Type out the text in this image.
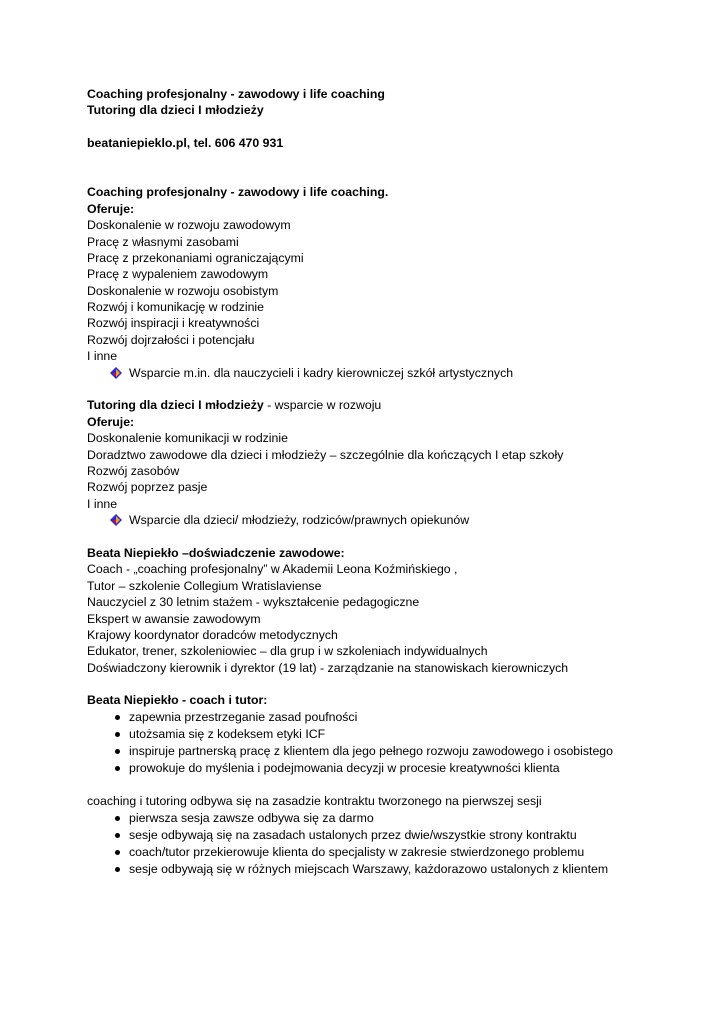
Coaching profesjonalny - zawodowy i life coaching
Tutoring dla dzieci I młodzieży
beataniepieklo.pl, tel. 606 470 931
Coaching profesjonalny - zawodowy i life coaching.
Oferuje:
Doskonalenie w rozwoju zawodowym
Pracę z własnymi zasobami
Pracę z przekonaniami ograniczającymi
Pracę z wypaleniem zawodowym
Doskonalenie w rozwoju osobistym
Rozwój i komunikację w rodzinie
Rozwój inspiracji i kreatywności
Rozwój dojrzałości i potencjału
I inne
Wsparcie m.in. dla nauczycieli i kadry kierowniczej szkół artystycznych
Tutoring dla dzieci I młodzieży - wsparcie w rozwoju
Oferuje:
Doskonalenie komunikacji w rodzinie
Doradztwo zawodowe dla dzieci i młodzieży – szczególnie dla kończących I etap szkoły
Rozwój zasobów
Rozwój poprzez pasje
I inne
Wsparcie dla dzieci/ młodzieży, rodziców/prawnych opiekunów
Beata Niepiekło –doświadczenie zawodowe:
Coach - „coaching profesjonalny” w Akademii Leona Koźmińskiego ,
Tutor – szkolenie Collegium Wratislaviense
Nauczyciel z 30 letnim stażem - wykształcenie pedagogiczne
Ekspert w awansie zawodowym
Krajowy koordynator doradców metodycznych
Edukator, trener, szkoleniowiec – dla grup i w szkoleniach indywidualnych
Doświadczony kierownik i dyrektor (19 lat) - zarządzanie na stanowiskach kierowniczych
Beata Niepiekło - coach i tutor:
zapewnia przestrzeganie zasad poufności
utożsamia się z kodeksem etyki ICF
inspiruje partnerską pracę z klientem dla jego pełnego rozwoju zawodowego i osobistego
prowokuje do myślenia i podejmowania decyzji w procesie kreatywności klienta
coaching i tutoring odbywa się na zasadzie kontraktu tworzonego na pierwszej sesji
pierwsza sesja zawsze odbywa się za darmo
sesje odbywają się na zasadach ustalonych przez dwie/wszystkie strony kontraktu
coach/tutor przekierowuje klienta do specjalisty w zakresie stwierdzonego problemu
sesje odbywają się w różnych miejscach Warszawy, każdorazowo ustalonych z klientem
